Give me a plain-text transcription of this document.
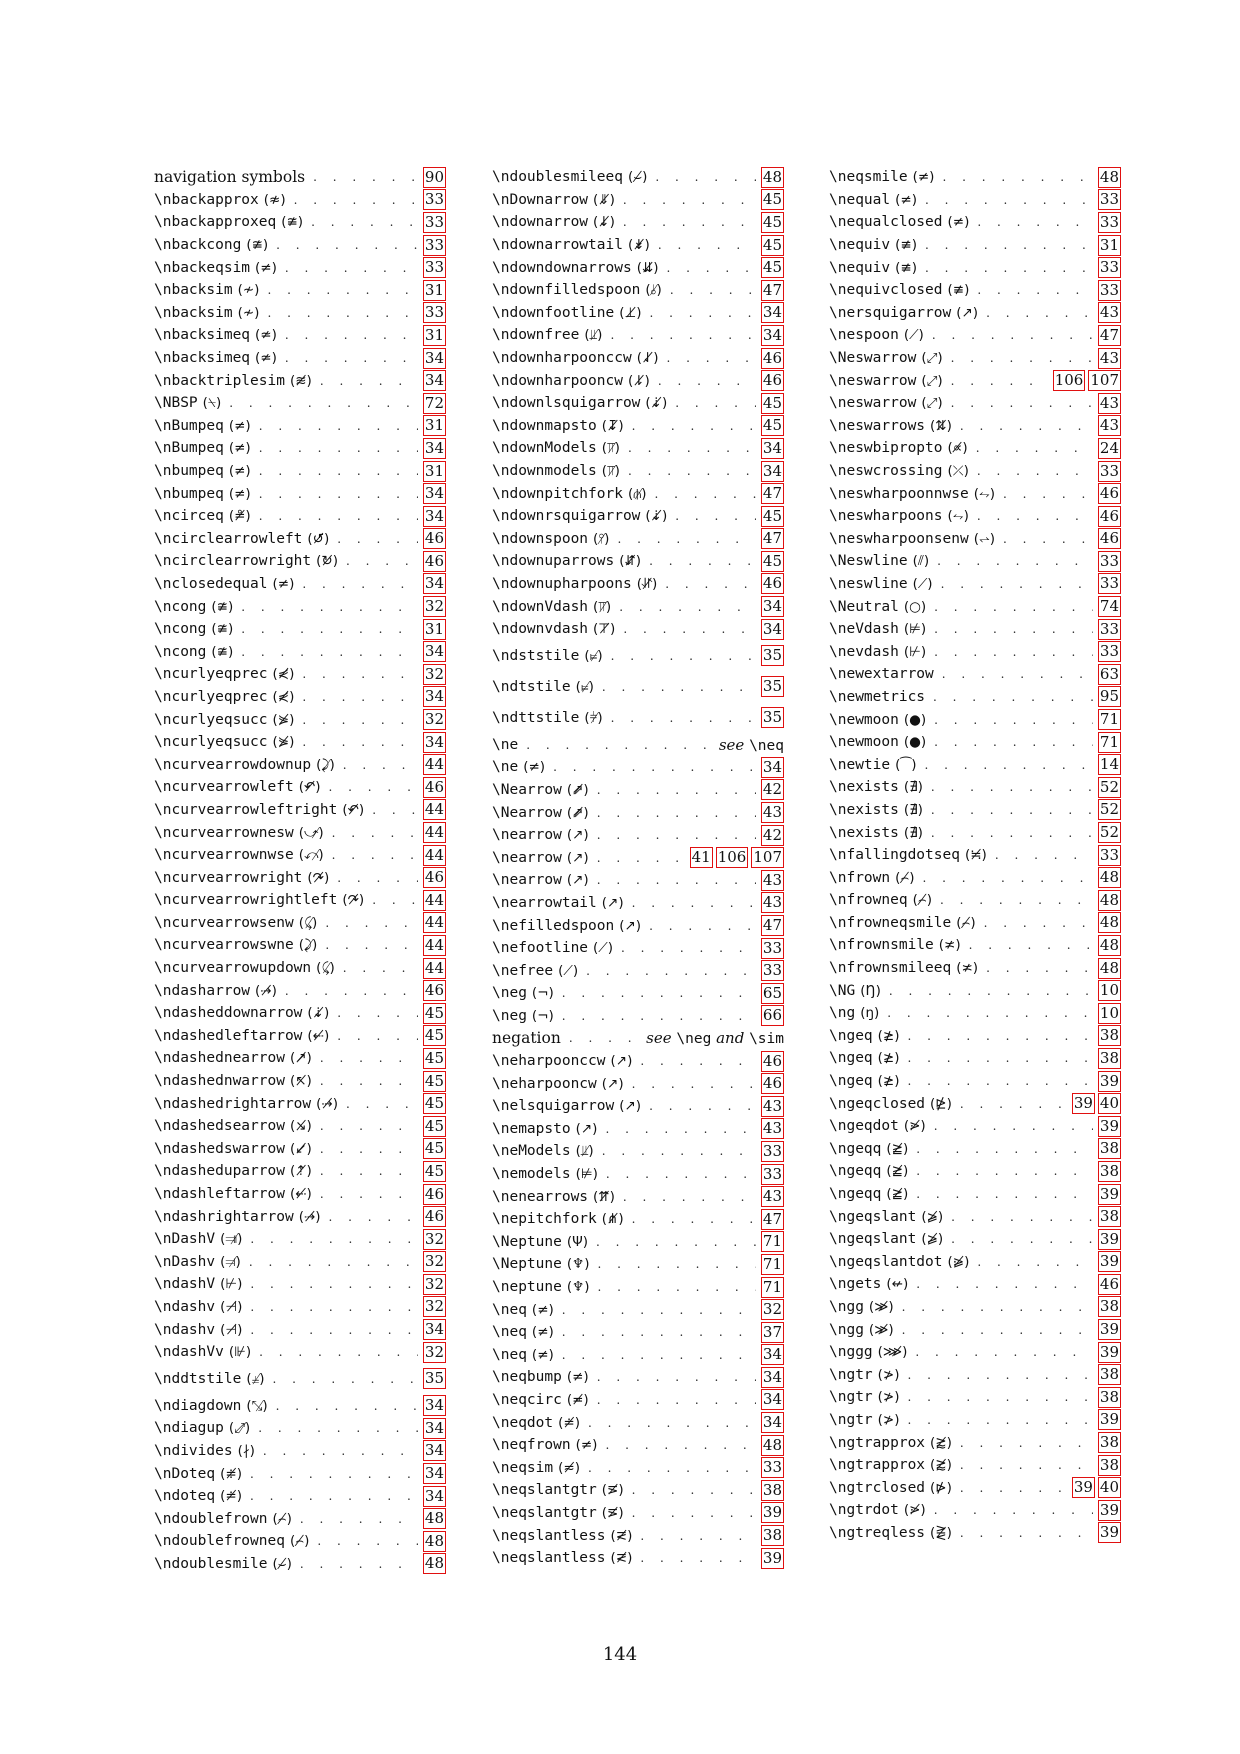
navigation symbols . . .	90
\nbackapprox (≉) . . .	33
\nbackapproxeq (≇) . . .	33
\nbackcong (≇) . . .	33
\nbackeqsim (≠) . . .	33
\nbacksim (≁) . . .	31
\nbacksim (≁) . . .	33
\nbacksimeq (≄) . . .	31
\nbacksimeq (≄) . . .	34
\nbacktriplesim (≋̸) . . .	34
\NBSP (⍀) . . .	72
\nBumpeq (≠) . . .	31
\nBumpeq (≠) . . .	34
\nbumpeq (≠) . . .	31
\nbumpeq (≠) . . .	34
\ncirceq (≗̸) . . .	34
\ncirclearrowleft (↺̸) . . .	46
\ncirclearrowright (↻̸) . . .	46
\nclosedequal (≠) . . .	34
\ncong (≇) . . .	32
\ncong (≇) . . .	31
\ncong (≇) . . .	34
\ncurlyeqprec (⋞̸) . . .	32
\ncurlyeqprec (⋞̸) . . .	34
\ncurlyeqsucc (⋟̸) . . .	32
\ncurlyeqsucc (⋟̸) . . .	34
\ncurvearrowdownup (⤸̸) . . .	44
\ncurvearrowleft (↶̸) . . .	46
\ncurvearrowleftright (↶̸) . . .	44
\ncurvearrownesw (⤻̸) . . .	44
\ncurvearrownwse (⤺̸) . . .	44
\ncurvearrowright (↷̸) . . .	46
\ncurvearrowrightleft (↷̸) . . .	44
\ncurvearrowsenw (⤹̸) . . .	44
\ncurvearrowswne (⤸̸) . . .	44
\ncurvearrowupdown (⤹̸) . . .	44
\ndasharrow (⇢̸) . . .	46
\ndasheddownarrow (⇣̸) . . .	45
\ndashedleftarrow (⇠̸) . . .	45
\ndashednearrow (↗̸) . . .	45
\ndashednwarrow (↖̸) . . .	45
\ndashedrightarrow (⇢̸) . . .	45
\ndashedsearrow (↘̸) . . .	45
\ndashedswarrow (↙̸) . . .	45
\ndasheduparrow (⇡̸) . . .	45
\ndashleftarrow (⇠̸) . . .	46
\ndashrightarrow (⇢̸) . . .	46
\nDashV (⫥̸) . . .	32
\nDashv (⫤̸) . . .	32
\ndashV (⊬) . . .	32
\ndashv (⊣̸) . . .	32
\ndashv (⊣̸) . . .	34
\ndashVv (⊮) . . .	32
\nddtstile (⫨̸) . . .	35
\ndiagdown (⤡̸) . . .	34
\ndiagup (⤢̸) . . .	34
\ndivides (∤) . . .	34
\nDoteq (≑̸) . . .	34
\ndoteq (≐̸) . . .	34
\ndoublefrown (⌢̸) . . .	48
\ndoublefrowneq (⌢̸) . . .	48
\ndoublesmile (⌣̸) . . .	48
\ndoublesmileeq (⌣̸) . . .	48
\nDownarrow (⇓̸) . . .	45
\ndownarrow (↓̸) . . .	45
\ndownarrowtail (↡̸) . . .	45
\ndowndownarrows (⇊̸) . . .	45
\ndownfilledspoon (⫰̸) . . .	47
\ndownfootline (⊥̸) . . .	34
\ndownfree (⫫̸) . . .	34
\ndownharpoonccw (⇃̸) . . .	46
\ndownharpooncw (⇂̸) . . .	46
\ndownlsquigarrow (⇣̸) . . .	45
\ndownmapsto (↧̸) . . .	45
\ndownModels (⫪̸) . . .	34
\ndownmodels (⫪̸) . . .	34
\ndownpitchfork (⫛̸) . . .	47
\ndownrsquigarrow (⇣̸) . . .	45
\ndownspoon (⫯̸) . . .	47
\ndownuparrows (⇵̸) . . .	45
\ndownupharpoons (⥯̸) . . .	46
\ndownVdash (⫪̸) . . .	34
\ndownvdash (⊤̸) . . .	34
\ndststile (⫢̸) . . .	35
\ndtstile (⫢̸) . . .	35
\ndttstile (⫩̸) . . .	35
\ne . . .	see \neq
\ne (≠) . . .	34
\Nearrow (⇗̸) . . .	42
\Nearrow (⇗̸) . . .	43
\nearrow (↗) . . .	42
\nearrow (↗) . . .	41 106 107
\nearrow (↗) . . .	43
\nearrowtail (↗) . . .	43
\nefilledspoon (↗) . . .	47
\nefootline (⟋) . . .	33
\nefree (⟋) . . .	33
\neg (¬) . . .	65
\neg (¬) . . .	66
negation . . .	see \neg and \sim
\neharpoonccw (↗) . . .	46
\neharpooncw (↗) . . .	46
\nelsquigarrow (↗) . . .	43
\nemapsto (↗) . . .	43
\neModels (⫫̸) . . .	33
\nemodels (⊭) . . .	33
\nenearrows (⇈̸) . . .	43
\nepitchfork (⋔̸) . . .	47
\Neptune (Ψ) . . .	71
\Neptune (♆) . . .	71
\neptune (♆) . . .	71
\neq (≠) . . .	32
\neq (≠) . . .	37
\neq (≠) . . .	34
\neqbump (≠) . . .	34
\neqcirc (≖̸) . . .	34
\neqdot (≐̸) . . .	34
\neqfrown (≠) . . .	48
\neqsim (≂̸) . . .	33
\neqslantgtr (⋝̸) . . .	38
\neqslantgtr (⋝̸) . . .	39
\neqslantless (⋜̸) . . .	38
\neqslantless (⋜̸) . . .	39
\neqsmile (≠) . . .	48
\nequal (≠) . . .	33
\nequalclosed (≠) . . .	33
\nequiv (≢) . . .	31
\nequiv (≢) . . .	33
\nequivclosed (≢) . . .	33
\nersquigarrow (↗) . . .	43
\nespoon (⟋) . . .	47
\Neswarrow (⤢) . . .	43
\neswarrow (⤢) . . .	106 107
\neswarrow (⤢) . . .	43
\neswarrows (⇅̸) . . .	43
\neswbipropto (∝̸) . . .	24
\neswcrossing (⤫) . . .	33
\neswharpoonnwse (⥊) . . .	46
\neswharpoons (⥊) . . .	46
\neswharpoonsenw (⥋) . . .	46
\Neswline (⫽) . . .	33
\neswline (⟋) . . .	33
\Neutral (○) . . .	74
\neVdash (⊭) . . .	33
\nevdash (⊬) . . .	33
\newextarrow . . .	63
\newmetrics . . .	95
\newmoon (●) . . .	71
\newmoon (●) . . .	71
\newtie (⁀) . . .	14
\nexists (∄) . . .	52
\nexists (∄) . . .	52
\nexists (∄) . . .	52
\nfallingdotseq (≒̸) . . .	33
\nfrown (⌢̸) . . .	48
\nfrowneq (⌢̸) . . .	48
\nfrowneqsmile (⌢̸) . . .	48
\nfrownsmile (≭) . . .	48
\nfrownsmileeq (≭) . . .	48
\NG (Ŋ) . . .	10
\ng (ŋ) . . .	10
\ngeq (≱) . . .	38
\ngeq (≱) . . .	38
\ngeq (≱) . . .	39
\ngeqclosed (⋭) . . .	39 40
\ngeqdot (⋗̸) . . .	39
\ngeqq (≧̸) . . .	38
\ngeqq (≧̸) . . .	38
\ngeqq (≧̸) . . .	39
\ngeqslant (⩾̸) . . .	38
\ngeqslant (⩾̸) . . .	39
\ngeqslantdot (⪀̸) . . .	39
\ngets (↚) . . .	46
\ngg (≫̸) . . .	38
\ngg (≫̸) . . .	39
\nggg (⋙̸) . . .	39
\ngtr (≯) . . .	38
\ngtr (≯) . . .	38
\ngtr (≯) . . .	39
\ngtrapprox (⪆̸) . . .	38
\ngtrapprox (⪆̸) . . .	38
\ngtrclosed (⋫) . . .	39 40
\ngtrdot (⋗̸) . . .	39
\ngtreqless (⋛̸) . . .	39
144
